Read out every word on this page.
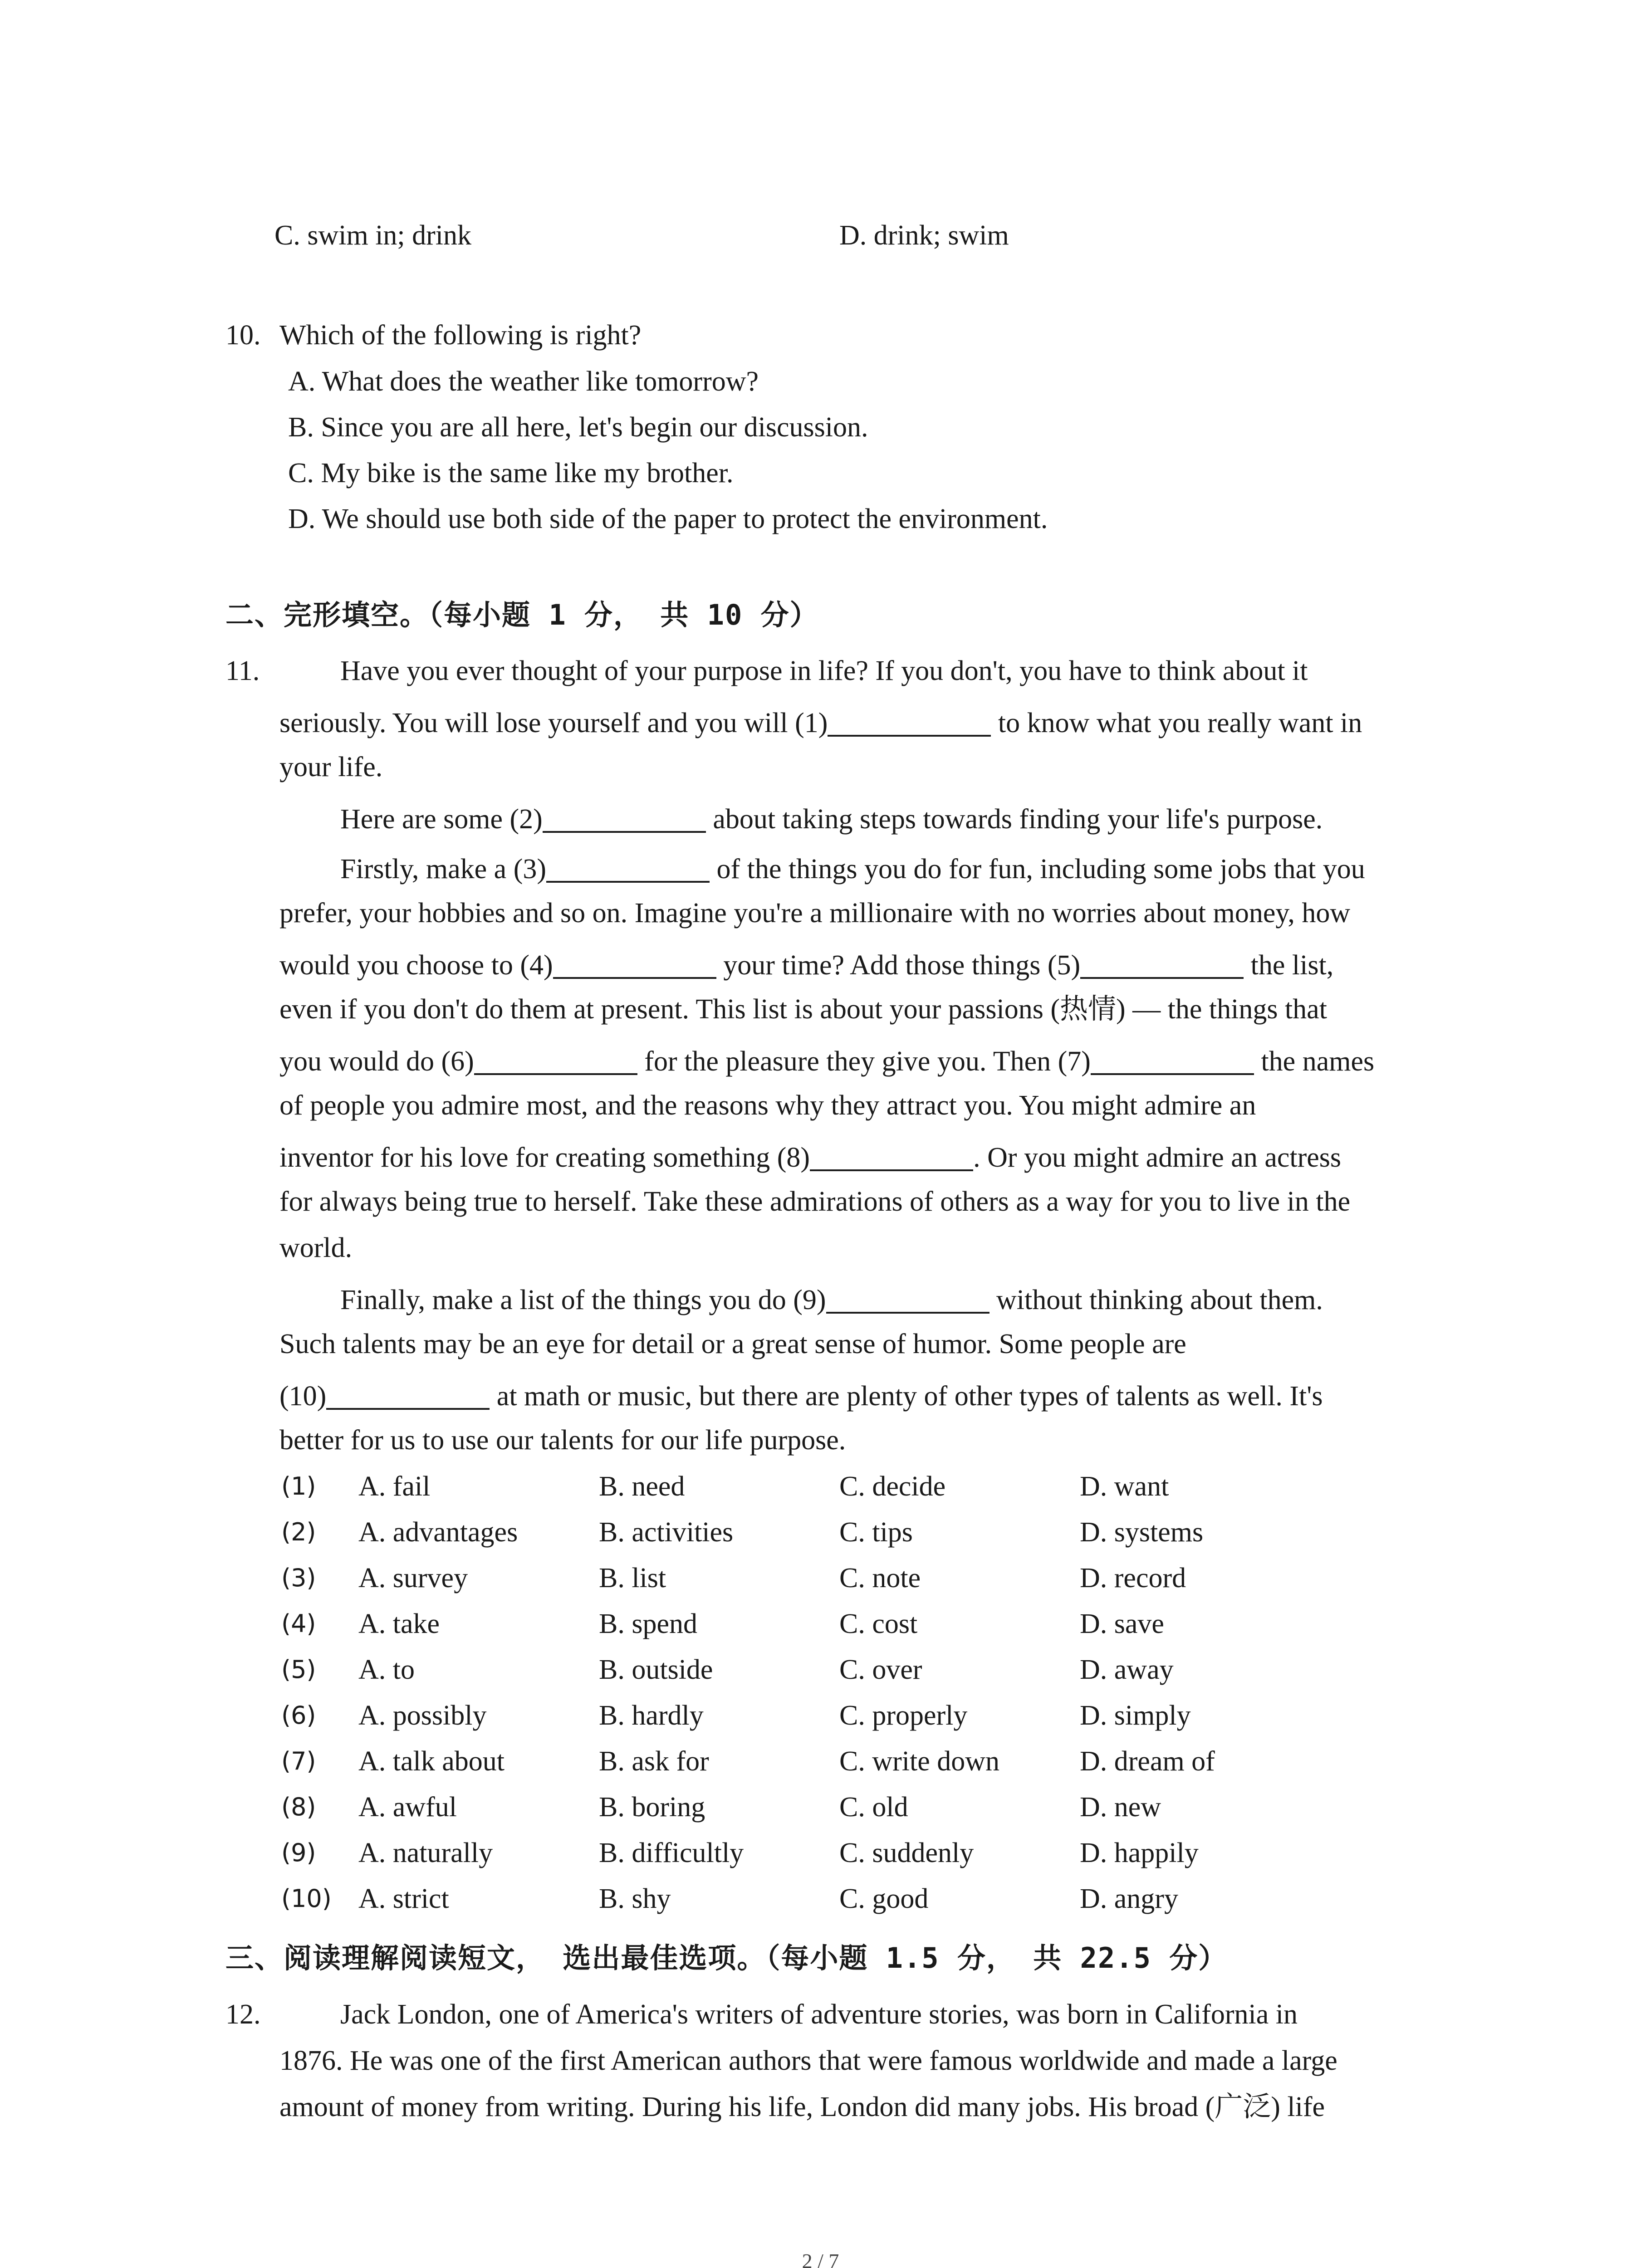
C. swim in; drink	D. drink; swim
10. Which of the following is right?
A. What does the weather like tomorrow?
B. Since you are all here, let's begin our discussion.
C. My bike is the same like my brother.
D. We should use both side of the paper to protect the environment.
二、完形填空。（每小题 1 分， 共 10 分）
11.	Have you ever thought of your purpose in life? If you don't, you have to think about it
seriously. You will lose yourself and you will (1)	to know what you really want in
your life.
Here are some (2)	about taking steps towards finding your life's purpose.
Firstly, make a (3)	of the things you do for fun, including some jobs that you
prefer, your hobbies and so on. Imagine you're a millionaire with no worries about money, how
would you choose to (4)	your time? Add those things (5)	the list,
even if you don't do them at present. This list is about your passions (热情) — the things that
you would do (6)	for the pleasure they give you. Then (7)	the names
of people you admire most, and the reasons why they attract you. You might admire an
inventor for his love for creating something (8)	. Or you might admire an actress
for always being true to herself. Take these admirations of others as a way for you to live in the
world.
Finally, make a list of the things you do (9)	without thinking about them.
Such talents may be an eye for detail or a great sense of humor. Some people are
(10)	at math or music, but there are plenty of other types of talents as well. It's
better for us to use our talents for our life purpose.
(1) A. fail	B. need	C. decide	D. want
(2) A. advantages	B. activities	C. tips	D. systems
(3) A. survey	B. list	C. note	D. record
(4) A. take	B. spend	C. cost	D. save
(5) A. to	B. outside	C. over	D. away
(6) A. possibly	B. hardly	C. properly	D. simply
(7) A. talk about	B. ask for	C. write down	D. dream of
(8) A. awful	B. boring	C. old	D. new
(9) A. naturally	B. difficultly	C. suddenly	D. happily
(10) A. strict	B. shy	C. good	D. angry
三、阅读理解阅读短文， 选出最佳选项。（每小题 1.5 分， 共 22.5 分）
12.	Jack London, one of America's writers of adventure stories, was born in California in
1876. He was one of the first American authors that were famous worldwide and made a large
amount of money from writing. During his life, London did many jobs. His broad (广泛) life
2 / 7
